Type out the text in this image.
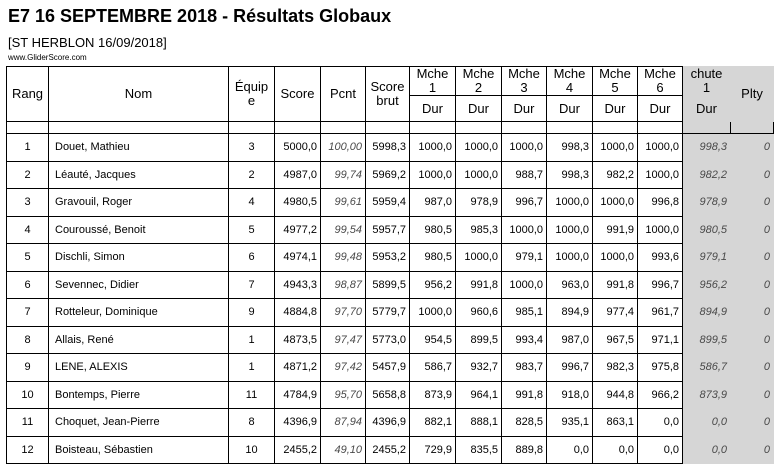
E7 16 SEPTEMBRE 2018 - Résultats Globaux
[ST HERBLON 16/09/2018]
www.GliderScore.com
Rang	Nom	Équipe	Score	Pcnt	Score brut	Mche 1	Mche 2	Mche 3	Mche 4	Mche 5	Mche 6	chute 1	Plty
						Dur	Dur	Dur	Dur	Dur	Dur	Dur	

1	Douet, Mathieu	3	5000,0	100,00	5998,3	1000,0	1000,0	1000,0	998,3	1000,0	1000,0	998,3	0
2	Léauté, Jacques	2	4987,0	99,74	5969,2	1000,0	1000,0	988,7	998,3	982,2	1000,0	982,2	0
3	Gravouil, Roger	4	4980,5	99,61	5959,4	987,0	978,9	996,7	1000,0	1000,0	996,8	978,9	0
4	Couroussé, Benoit	5	4977,2	99,54	5957,7	980,5	985,3	1000,0	1000,0	991,9	1000,0	980,5	0
5	Dischli, Simon	6	4974,1	99,48	5953,2	980,5	1000,0	979,1	1000,0	1000,0	993,6	979,1	0
6	Sevennec, Didier	7	4943,3	98,87	5899,5	956,2	991,8	1000,0	963,0	991,8	996,7	956,2	0
7	Rotteleur, Dominique	9	4884,8	97,70	5779,7	1000,0	960,6	985,1	894,9	977,4	961,7	894,9	0
8	Allais, René	1	4873,5	97,47	5773,0	954,5	899,5	993,4	987,0	967,5	971,1	899,5	0
9	LENE, ALEXIS	1	4871,2	97,42	5457,9	586,7	932,7	983,7	996,7	982,3	975,8	586,7	0
10	Bontemps, Pierre	11	4784,9	95,70	5658,8	873,9	964,1	991,8	918,0	944,8	966,2	873,9	0
11	Choquet, Jean-Pierre	8	4396,9	87,94	4396,9	882,1	888,1	828,5	935,1	863,1	0,0	0,0	0
12	Boisteau, Sébastien	10	2455,2	49,10	2455,2	729,9	835,5	889,8	0,0	0,0	0,0	0,0	0
